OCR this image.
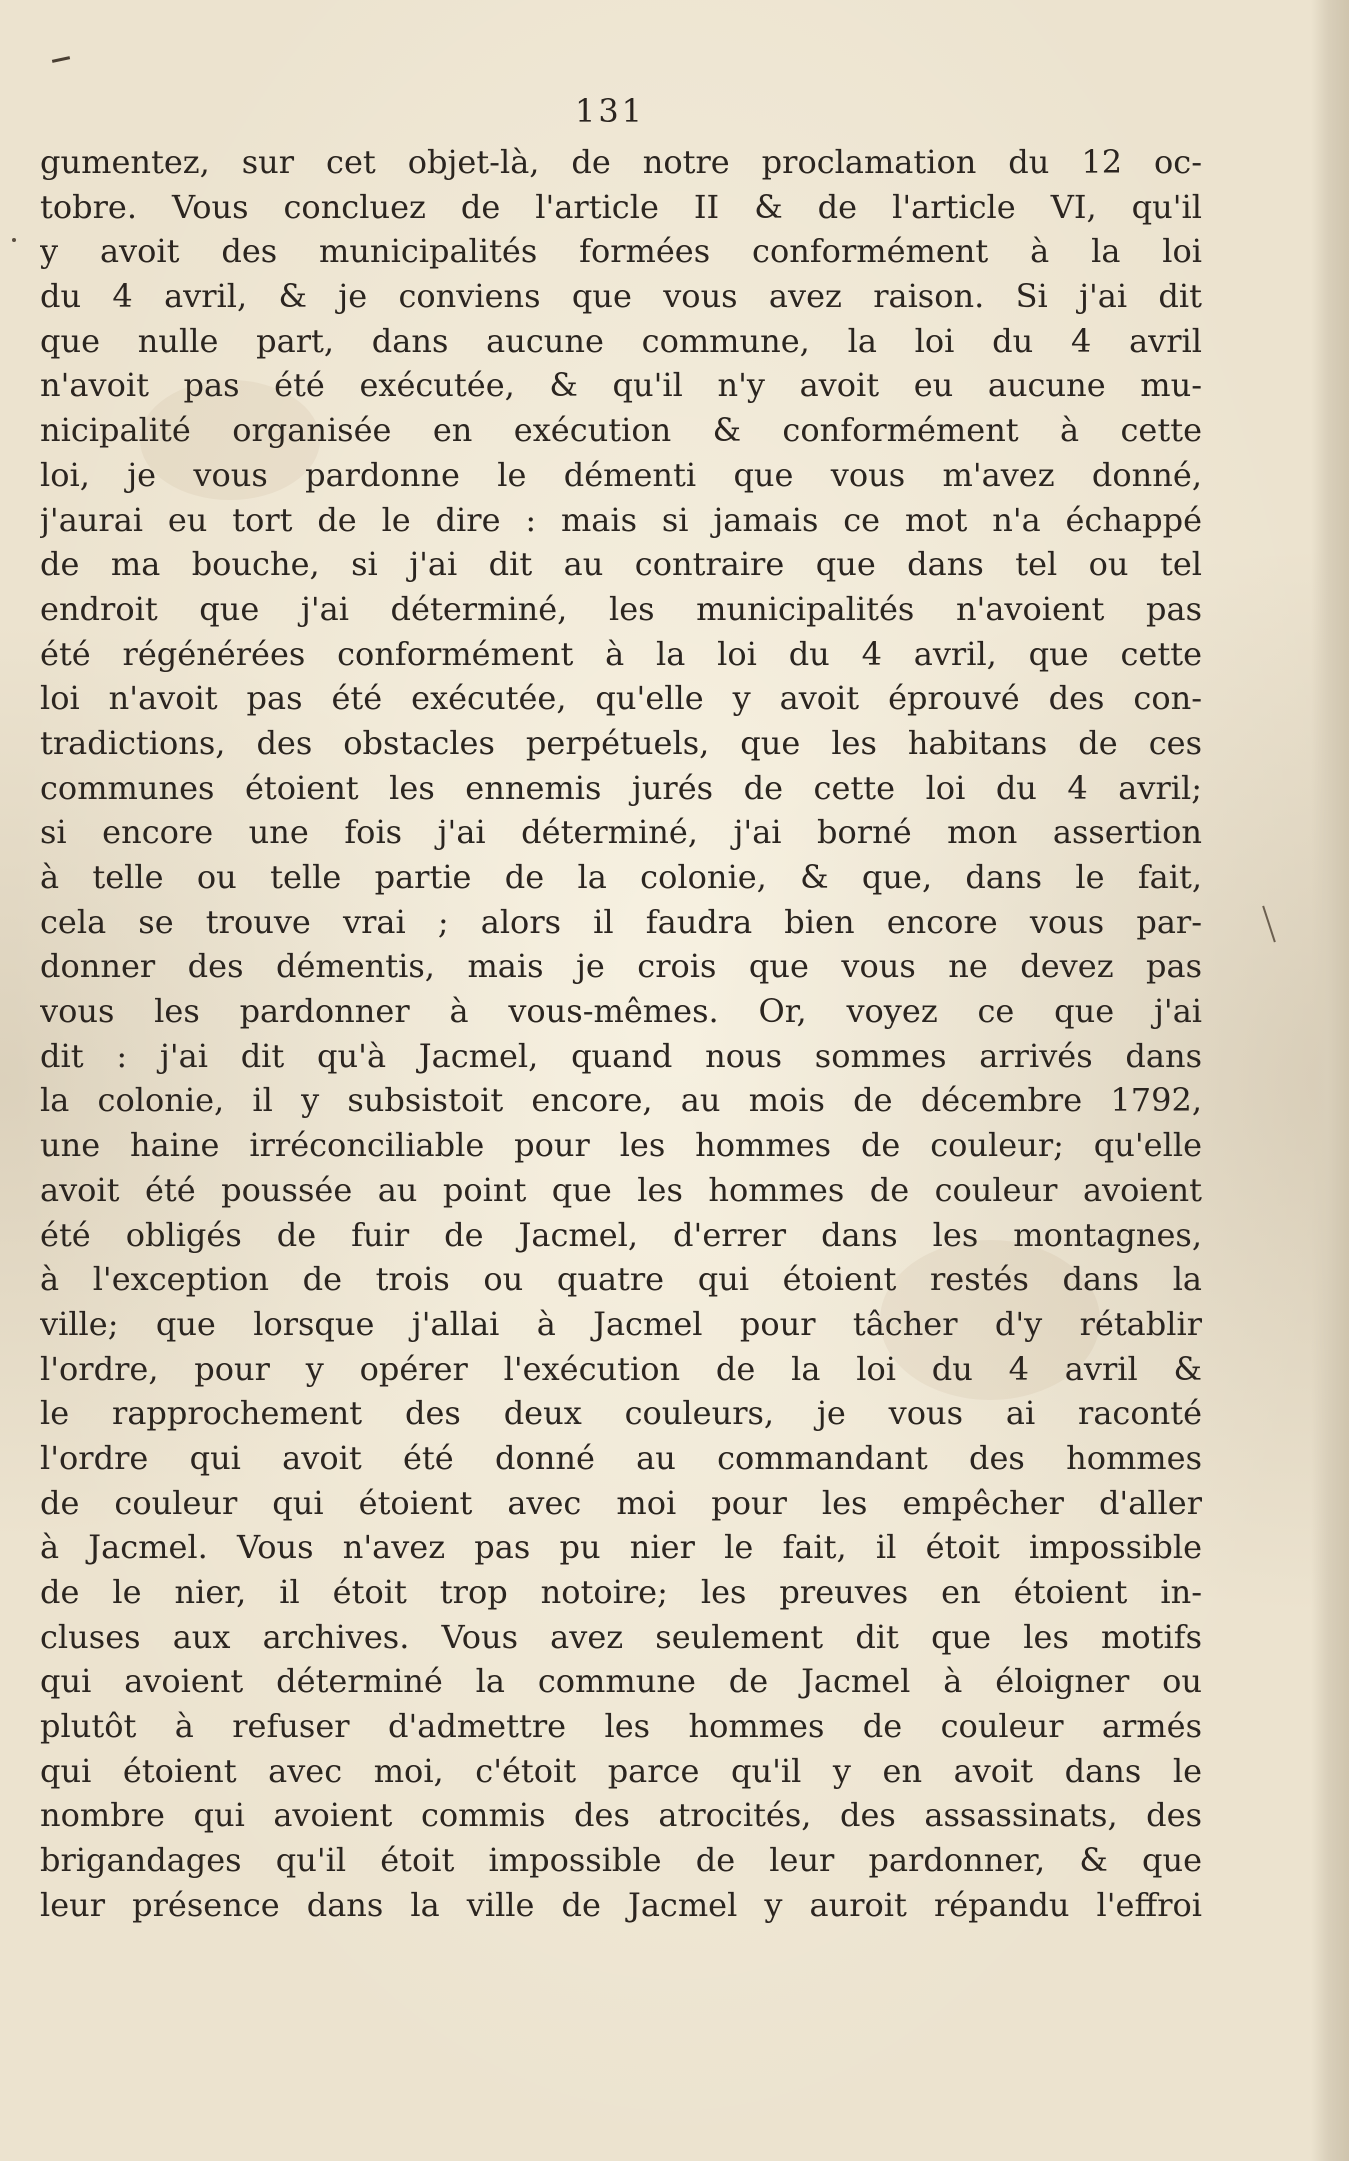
131
gumentez, sur cet objet-là, de notre proclamation du 12 oc-
tobre. Vous concluez de l'article II & de l'article VI, qu'il
y avoit des municipalités formées conformément à la loi
du 4 avril, & je conviens que vous avez raison. Si j'ai dit
que nulle part, dans aucune commune, la loi du 4 avril
n'avoit pas été exécutée, & qu'il n'y avoit eu aucune mu-
nicipalité organisée en exécution & conformément à cette
loi, je vous pardonne le démenti que vous m'avez donné,
j'aurai eu tort de le dire : mais si jamais ce mot n'a échappé
de ma bouche, si j'ai dit au contraire que dans tel ou tel
endroit que j'ai déterminé, les municipalités n'avoient pas
été régénérées conformément à la loi du 4 avril, que cette
loi n'avoit pas été exécutée, qu'elle y avoit éprouvé des con-
tradictions, des obstacles perpétuels, que les habitans de ces
communes étoient les ennemis jurés de cette loi du 4 avril;
si encore une fois j'ai déterminé, j'ai borné mon assertion
à telle ou telle partie de la colonie, & que, dans le fait,
cela se trouve vrai ; alors il faudra bien encore vous par-
donner des démentis, mais je crois que vous ne devez pas
vous les pardonner à vous-mêmes. Or, voyez ce que j'ai
dit : j'ai dit qu'à Jacmel, quand nous sommes arrivés dans
la colonie, il y subsistoit encore, au mois de décembre 1792,
une haine irréconciliable pour les hommes de couleur; qu'elle
avoit été poussée au point que les hommes de couleur avoient
été obligés de fuir de Jacmel, d'errer dans les montagnes,
à l'exception de trois ou quatre qui étoient restés dans la
ville; que lorsque j'allai à Jacmel pour tâcher d'y rétablir
l'ordre, pour y opérer l'exécution de la loi du 4 avril &
le rapprochement des deux couleurs, je vous ai raconté
l'ordre qui avoit été donné au commandant des hommes
de couleur qui étoient avec moi pour les empêcher d'aller
à Jacmel. Vous n'avez pas pu nier le fait, il étoit impossible
de le nier, il étoit trop notoire; les preuves en étoient in-
cluses aux archives. Vous avez seulement dit que les motifs
qui avoient déterminé la commune de Jacmel à éloigner ou
plutôt à refuser d'admettre les hommes de couleur armés
qui étoient avec moi, c'étoit parce qu'il y en avoit dans le
nombre qui avoient commis des atrocités, des assassinats, des
brigandages qu'il étoit impossible de leur pardonner, & que
leur présence dans la ville de Jacmel y auroit répandu l'effroi
